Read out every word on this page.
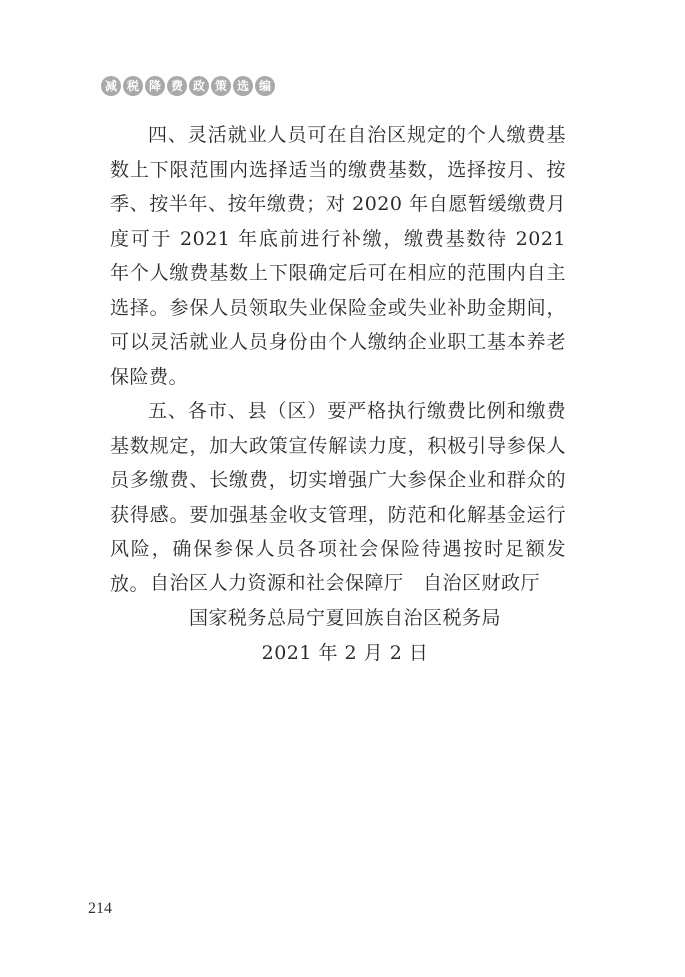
减 税 降 费 政 策 选 编

四、灵活就业人员可在自治区规定的个人缴费基数上下限范围内选择适当的缴费基数，选择按月、按季、按半年、按年缴费；对 2020 年自愿暂缓缴费月度可于 2021 年底前进行补缴，缴费基数待 2021 年个人缴费基数上下限确定后可在相应的范围内自主选择。参保人员领取失业保险金或失业补助金期间，可以灵活就业人员身份由个人缴纳企业职工基本养老保险费。

五、各市、县（区）要严格执行缴费比例和缴费基数规定，加大政策宣传解读力度，积极引导参保人员多缴费、长缴费，切实增强广大参保企业和群众的获得感。要加强基金收支管理，防范和化解基金运行风险，确保参保人员各项社会保险待遇按时足额发放。 自治区人力资源和社会保障厅　自治区财政厅
国家税务总局宁夏回族自治区税务局
2021 年 2 月 2 日
214
